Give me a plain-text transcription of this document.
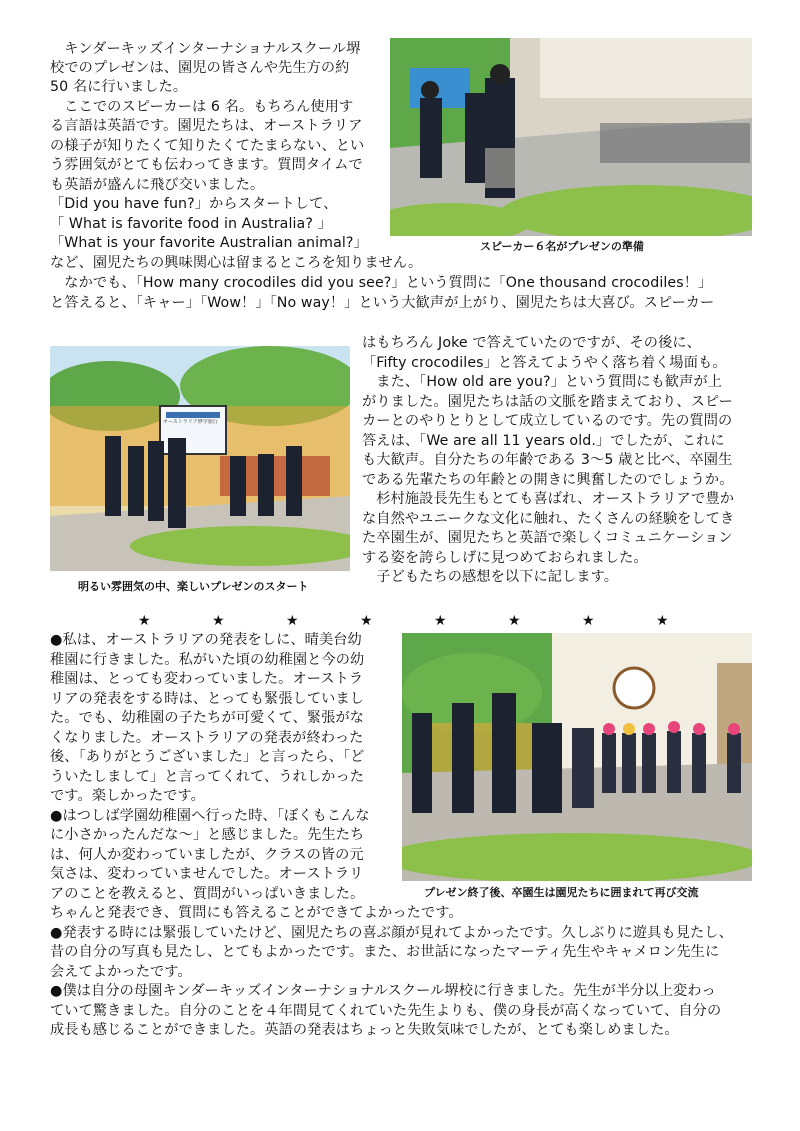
スピーカー６名がプレゼンの準備
　キンダーキッズインターナショナルスクール堺
校でのプレゼンは、園児の皆さんや先生方の約
50 名に行いました。
　ここでのスピーカーは 6 名。もちろん使用す
る言語は英語です。園児たちは、オーストラリア
の様子が知りたくて知りたくてたまらない、とい
う雰囲気がとても伝わってきます。質問タイムで
も英語が盛んに飛び交いました。
「Did you have fun?」からスタートして、
「 What is favorite food in Australia? 」
「What is your favorite Australian animal?」
など、園児たちの興味関心は留まるところを知りません。
　なかでも、「How many crocodiles did you see?」という質問に「One thousand crocodiles！」
と答えると、「キャー」「Wow！」「No way！」という大歓声が上がり、園児たちは大喜び。スピーカー
オーストラリア修学旅行
明るい雰囲気の中、楽しいプレゼンのスタート
はもちろん Joke で答えていたのですが、その後に、
「Fifty crocodiles」と答えてようやく落ち着く場面も。
　また、「How old are you?」という質問にも歓声が上
がりました。園児たちは話の文脈を踏まえており、スピー
カーとのやりとりとして成立しているのです。先の質問の
答えは、「We are all 11 years old.」でしたが、これに
も大歓声。自分たちの年齢である 3～5 歳と比べ、卒園生
である先輩たちの年齢との開きに興奮したのでしょうか。
　杉村施設長先生もとても喜ばれ、オーストラリアで豊か
な自然やユニークな文化に触れ、たくさんの経験をしてき
た卒園生が、園児たちと英語で楽しくコミュニケーション
する姿を誇らしげに見つめておられました。
　子どもたちの感想を以下に記します。
★	★	★	★	★	★	★	★
●私は、オーストラリアの発表をしに、晴美台幼
稚園に行きました。私がいた頃の幼稚園と今の幼
稚園は、とっても変わっていました。オーストラ
リアの発表をする時は、とっても緊張していまし
た。でも、幼稚園の子たちが可愛くて、緊張がな
くなりました。オーストラリアの発表が終わった
後、「ありがとうございました」と言ったら、「ど
ういたしまして」と言ってくれて、うれしかった
です。楽しかったです。
●はつしば学園幼稚園へ行った時、「ぼくもこんな
に小さかったんだな～」と感じました。先生たち
は、何人か変わっていましたが、クラスの皆の元
気さは、変わっていませんでした。オーストラリ
アのことを教えると、質問がいっぱいきました。	プレゼン終了後、卒園生は園児たちに囲まれて再び交流
ちゃんと発表でき、質問にも答えることができてよかったです。
●発表する時には緊張していたけど、園児たちの喜ぶ顔が見れてよかったです。久しぶりに遊具も見たし、
昔の自分の写真も見たし、とてもよかったです。また、お世話になったマーティ先生やキャメロン先生に
会えてよかったです。
●僕は自分の母園キンダーキッズインターナショナルスクール堺校に行きました。先生が半分以上変わっ
ていて驚きました。自分のことを４年間見てくれていた先生よりも、僕の身長が高くなっていて、自分の
成長も感じることができました。英語の発表はちょっと失敗気味でしたが、とても楽しめました。
